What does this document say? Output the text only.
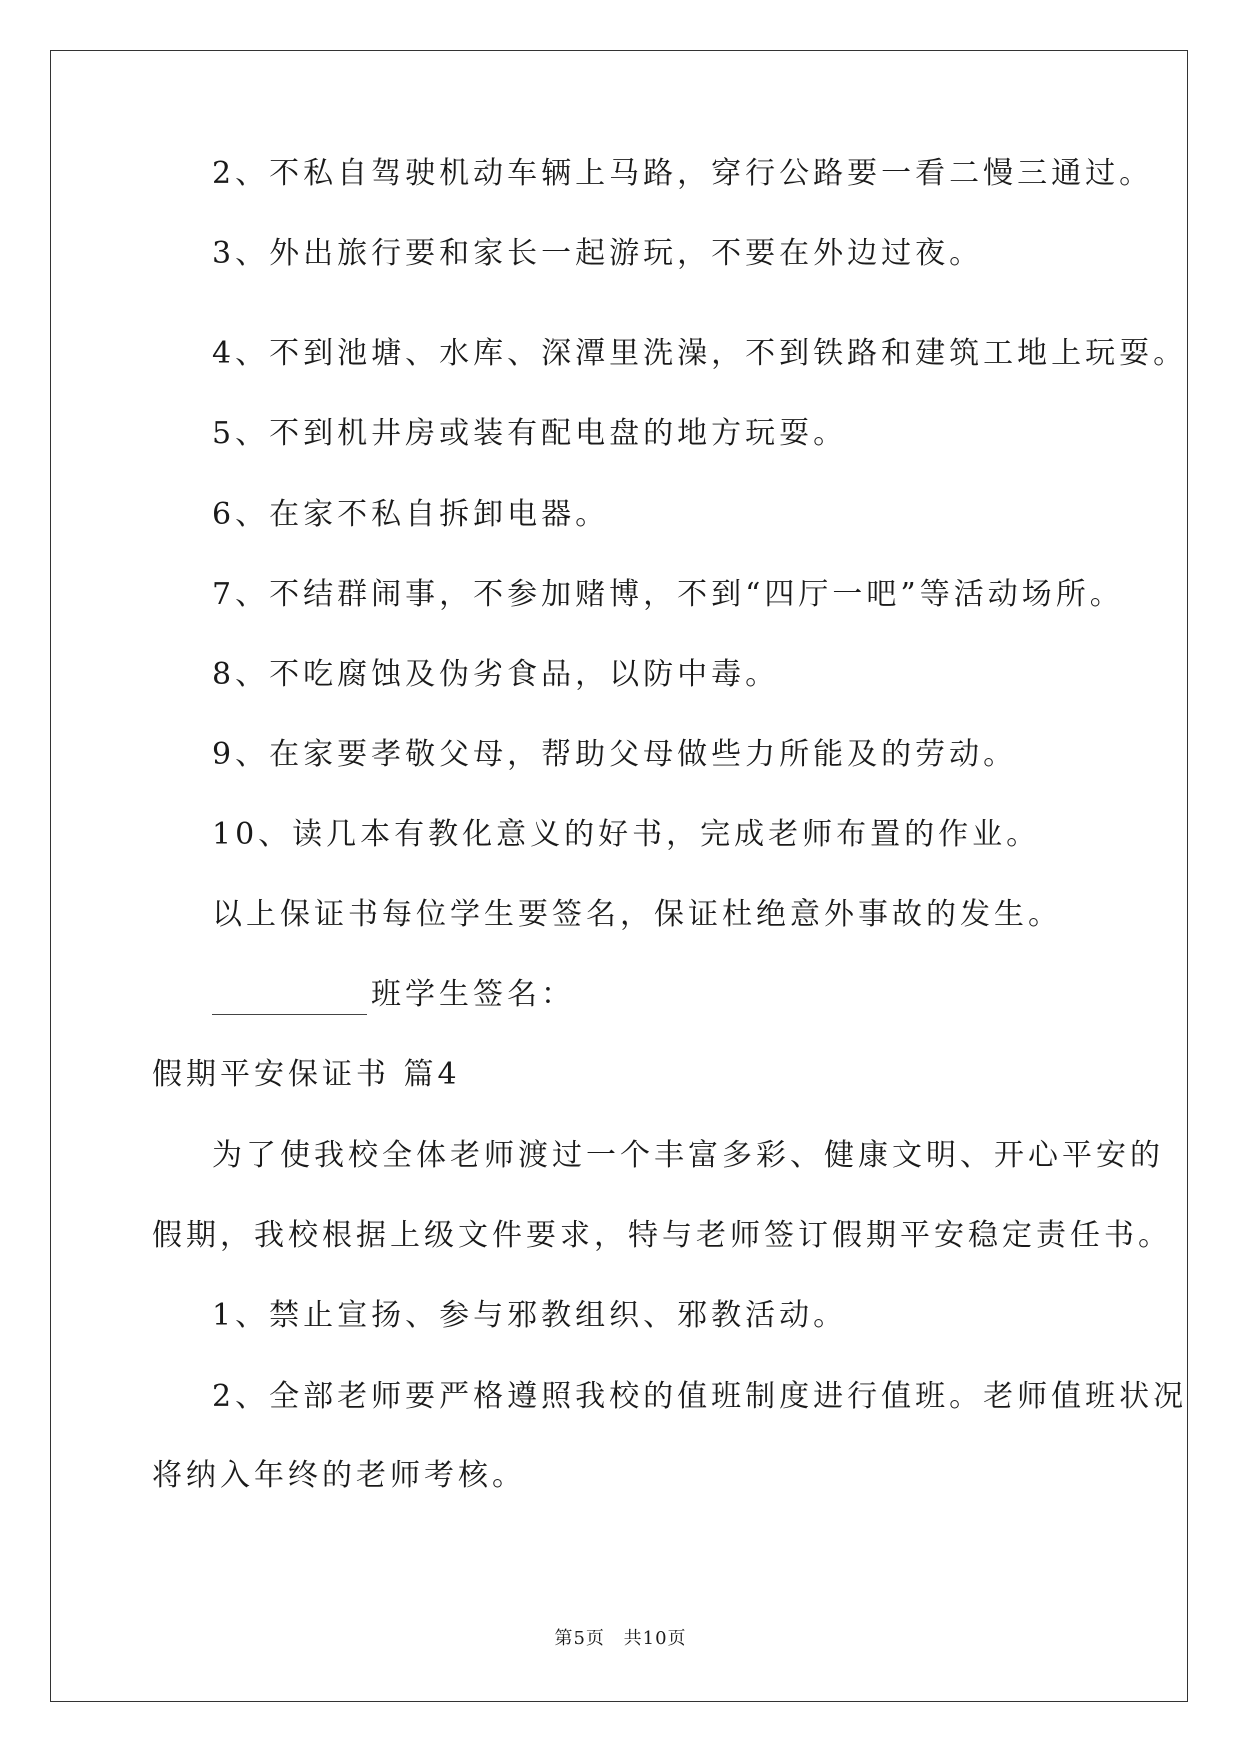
2、不私自驾驶机动车辆上马路，穿行公路要一看二慢三通过。
3、外出旅行要和家长一起游玩，不要在外边过夜。
4、不到池塘、水库、深潭里洗澡，不到铁路和建筑工地上玩耍。
5、不到机井房或装有配电盘的地方玩耍。
6、在家不私自拆卸电器。
7、不结群闹事，不参加赌博，不到“四厅一吧”等活动场所。
8、不吃腐蚀及伪劣食品，以防中毒。
9、在家要孝敬父母，帮助父母做些力所能及的劳动。
10、读几本有教化意义的好书，完成老师布置的作业。
以上保证书每位学生要签名，保证杜绝意外事故的发生。
班学生签名：
假期平安保证书 篇4
为了使我校全体老师渡过一个丰富多彩、健康文明、开心平安的
假期，我校根据上级文件要求，特与老师签订假期平安稳定责任书。
1、禁止宣扬、参与邪教组织、邪教活动。
2、全部老师要严格遵照我校的值班制度进行值班。老师值班状况
将纳入年终的老师考核。
第5页 共10页
